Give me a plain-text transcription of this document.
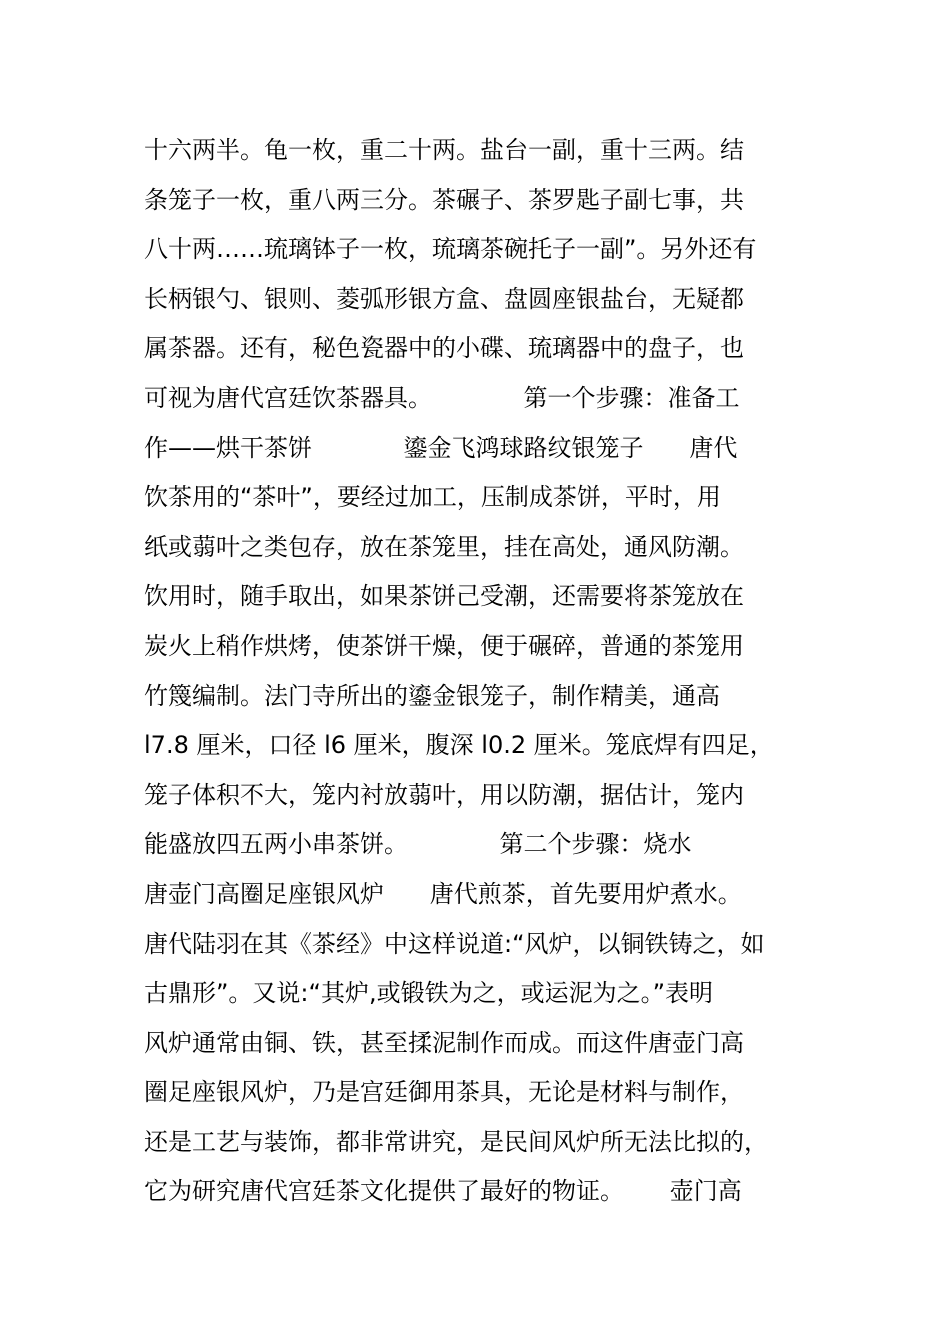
十六两半。龟一枚，重二十两。盐台一副，重十三两。结
条笼子一枚，重八两三分。茶碾子、茶罗匙子副七事，共
八十两……琉璃钵子一枚，琉璃茶碗托子一副”。另外还有
长柄银勺、银则、菱弧形银方盒、盘圆座银盐台，无疑都
属茶器。还有，秘色瓷器中的小碟、琉璃器中的盘子，也
可视为唐代宫廷饮茶器具。            第一个步骤：准备工
作——烘干茶饼            鎏金飞鸿球路纹银笼子      唐代
饮茶用的“茶叶”，要经过加工，压制成茶饼，平时，用
纸或蒻叶之类包存，放在茶笼里，挂在高处，通风防潮。
饮用时，随手取出，如果茶饼己受潮，还需要将茶笼放在
炭火上稍作烘烤，使茶饼干燥，便于碾碎，普通的茶笼用
竹篾编制。法门寺所出的鎏金银笼子，制作精美，通高
l7.8 厘米，口径 l6 厘米，腹深 l0.2 厘米。笼底焊有四足，
笼子体积不大，笼内衬放蒻叶，用以防潮，据估计，笼内
能盛放四五两小串茶饼。            第二个步骤：烧水
唐壶门高圈足座银风炉      唐代煎茶，首先要用炉煮水。
唐代陆羽在其《茶经》中这样说道:“风炉，以铜铁铸之，如
古鼎形”。又说:“其炉,或锻铁为之，或运泥为之。”表明
风炉通常由铜、铁，甚至揉泥制作而成。而这件唐壶门高
圈足座银风炉，乃是宫廷御用茶具，无论是材料与制作，
还是工艺与装饰，都非常讲究，是民间风炉所无法比拟的，
它为研究唐代宫廷茶文化提供了最好的物证。      壶门高
